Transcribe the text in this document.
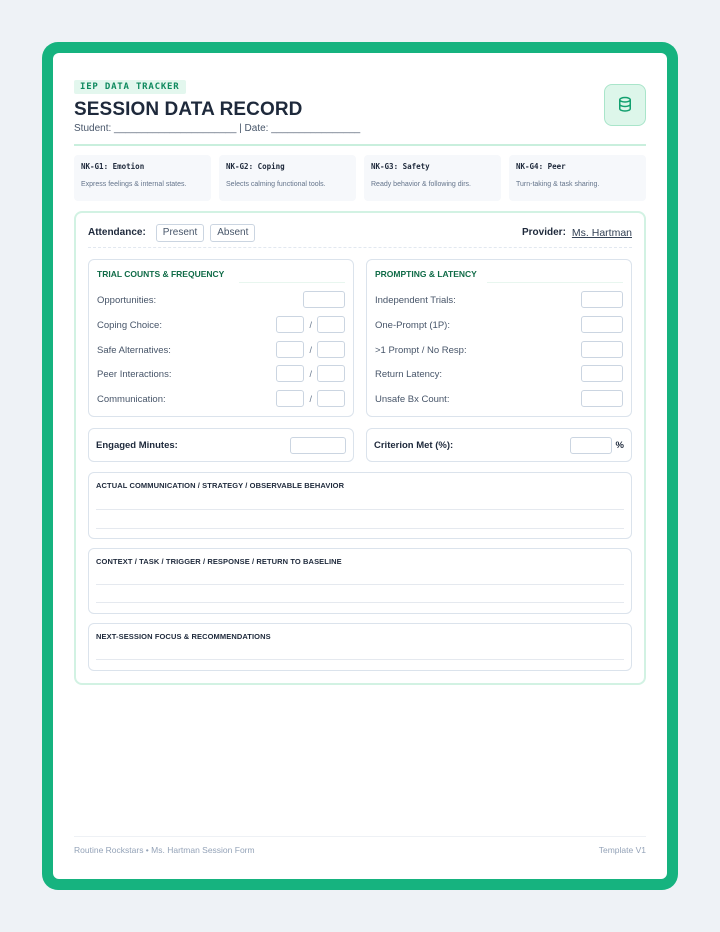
IEP DATA TRACKER
SESSION DATA RECORD
Student: ______________________ | Date: ________________
NK-G1: Emotion
Express feelings & internal states.
NK-G2: Coping
Selects calming functional tools.
NK-G3: Safety
Ready behavior & following dirs.
NK-G4: Peer
Turn-taking & task sharing.
Attendance:	Present	Absent	Provider: Ms. Hartman
TRIAL COUNTS & FREQUENCY
Opportunities:
Coping Choice:	/
Safe Alternatives:	/
Peer Interactions:	/
Communication:	/
PROMPTING & LATENCY
Independent Trials:
One-Prompt (1P):
>1 Prompt / No Resp:
Return Latency:
Unsafe Bx Count:
Engaged Minutes:	Criterion Met (%):	%
ACTUAL COMMUNICATION / STRATEGY / OBSERVABLE BEHAVIOR
CONTEXT / TASK / TRIGGER / RESPONSE / RETURN TO BASELINE
NEXT-SESSION FOCUS & RECOMMENDATIONS
Routine Rockstars • Ms. Hartman Session Form	Template V1
